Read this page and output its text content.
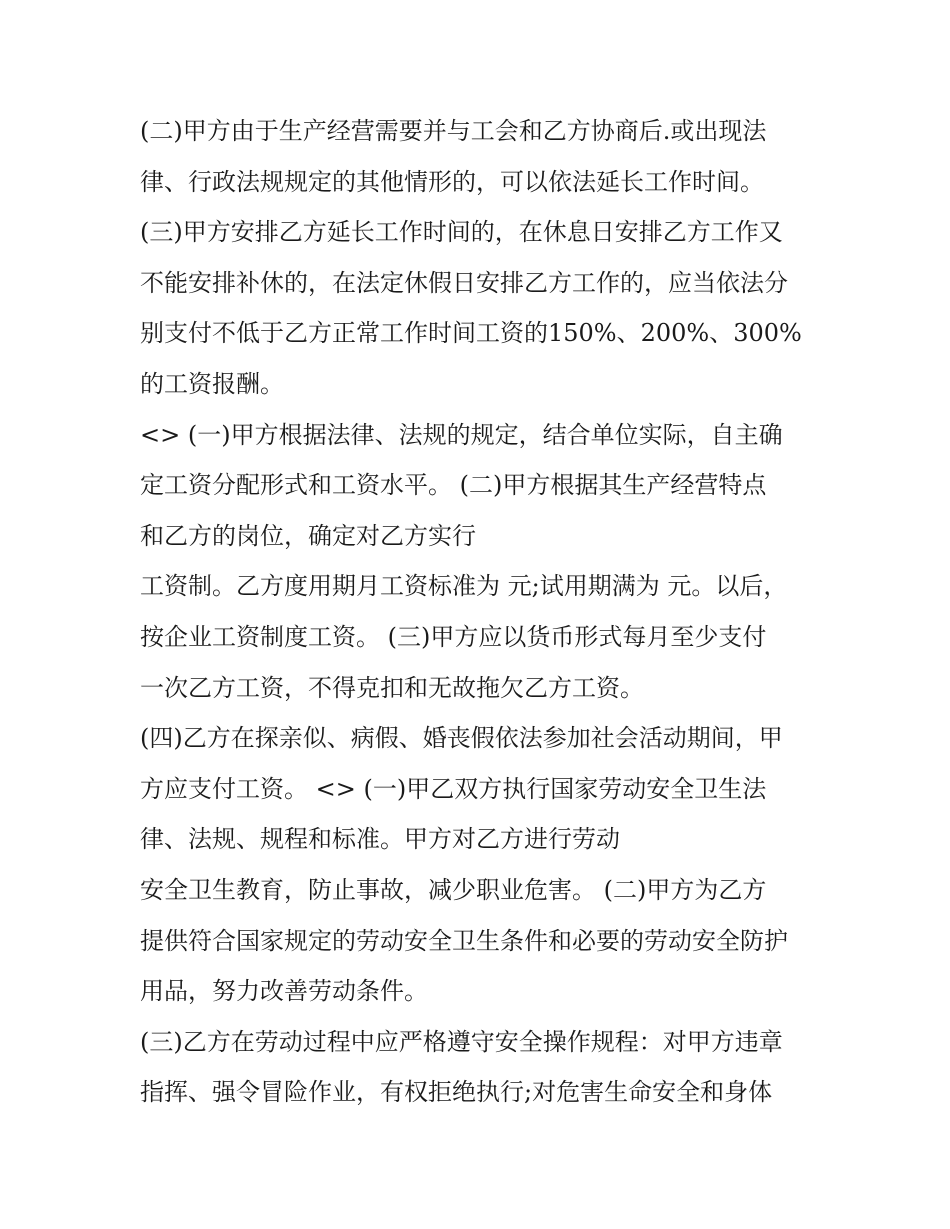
(二)甲方由于生产经营需要并与工会和乙方协商后.或出现法
律、行政法规规定的其他情形的，可以依法延长工作时间。
(三)甲方安排乙方延长工作时间的，在休息日安排乙方工作又
不能安排补休的，在法定休假日安排乙方工作的，应当依法分
别支付不低于乙方正常工作时间工资的150%、200%、300%
的工资报酬。
<> (一)甲方根据法律、法规的规定，结合单位实际，自主确
定工资分配形式和工资水平。 (二)甲方根据其生产经营特点
和乙方的岗位，确定对乙方实行
工资制。乙方度用期月工资标准为 元;试用期满为 元。以后，
按企业工资制度工资。 (三)甲方应以货币形式每月至少支付
一次乙方工资，不得克扣和无故拖欠乙方工资。
(四)乙方在探亲似、病假、婚丧假依法参加社会活动期间，甲
方应支付工资。 <> (一)甲乙双方执行国家劳动安全卫生法
律、法规、规程和标准。甲方对乙方进行劳动
安全卫生教育，防止事故，减少职业危害。 (二)甲方为乙方
提供符合国家规定的劳动安全卫生条件和必要的劳动安全防护
用品，努力改善劳动条件。
(三)乙方在劳动过程中应严格遵守安全操作规程：对甲方违章
指挥、强令冒险作业，有权拒绝执行;对危害生命安全和身体
